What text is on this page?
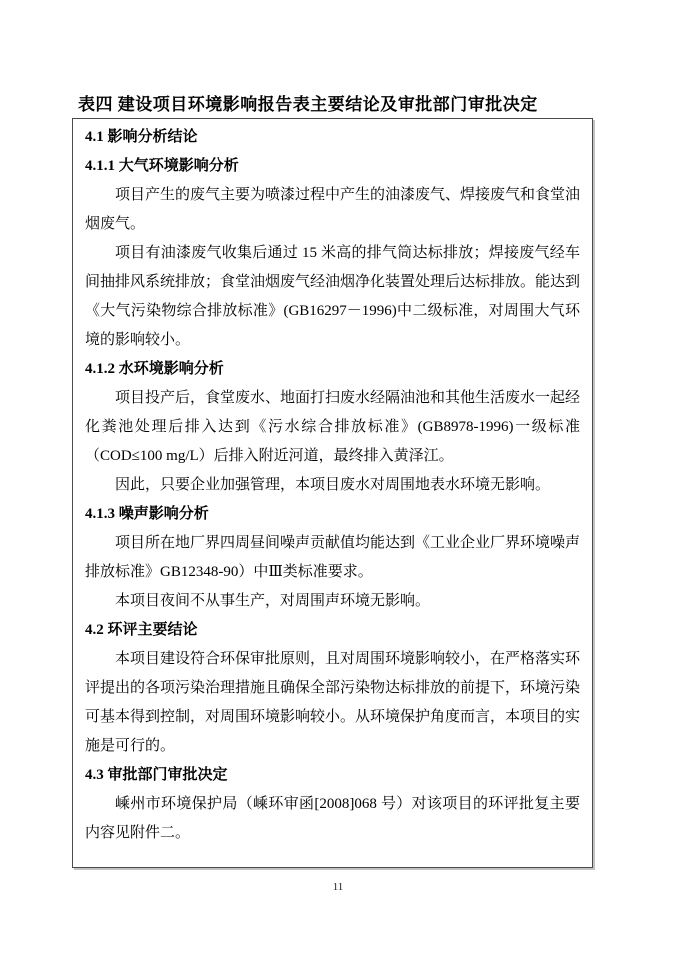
表四 建设项目环境影响报告表主要结论及审批部门审批决定
4.1 影响分析结论
4.1.1 大气环境影响分析

项目产生的废气主要为喷漆过程中产生的油漆废气、焊接废气和食堂油烟废气。

项目有油漆废气收集后通过 15 米高的排气筒达标排放；焊接废气经车间抽排风系统排放；食堂油烟废气经油烟净化装置处理后达标排放。能达到《大气污染物综合排放标准》(GB16297－1996)中二级标准，对周围大气环境的影响较小。

4.1.2 水环境影响分析

项目投产后，食堂废水、地面打扫废水经隔油池和其他生活废水一起经化粪池处理后排入达到《污水综合排放标准》(GB8978-1996)一级标准（COD≤100 mg/L）后排入附近河道，最终排入黄泽江。

因此，只要企业加强管理，本项目废水对周围地表水环境无影响。

4.1.3 噪声影响分析

项目所在地厂界四周昼间噪声贡献值均能达到《工业企业厂界环境噪声排放标准》GB12348-90）中Ⅲ类标准要求。

本项目夜间不从事生产，对周围声环境无影响。

4.2 环评主要结论

本项目建设符合环保审批原则，且对周围环境影响较小，在严格落实环评提出的各项污染治理措施且确保全部污染物达标排放的前提下，环境污染可基本得到控制，对周围环境影响较小。从环境保护角度而言，本项目的实施是可行的。

4.3 审批部门审批决定

嵊州市环境保护局（嵊环审函[2008]068 号）对该项目的环评批复主要内容见附件二。

11
